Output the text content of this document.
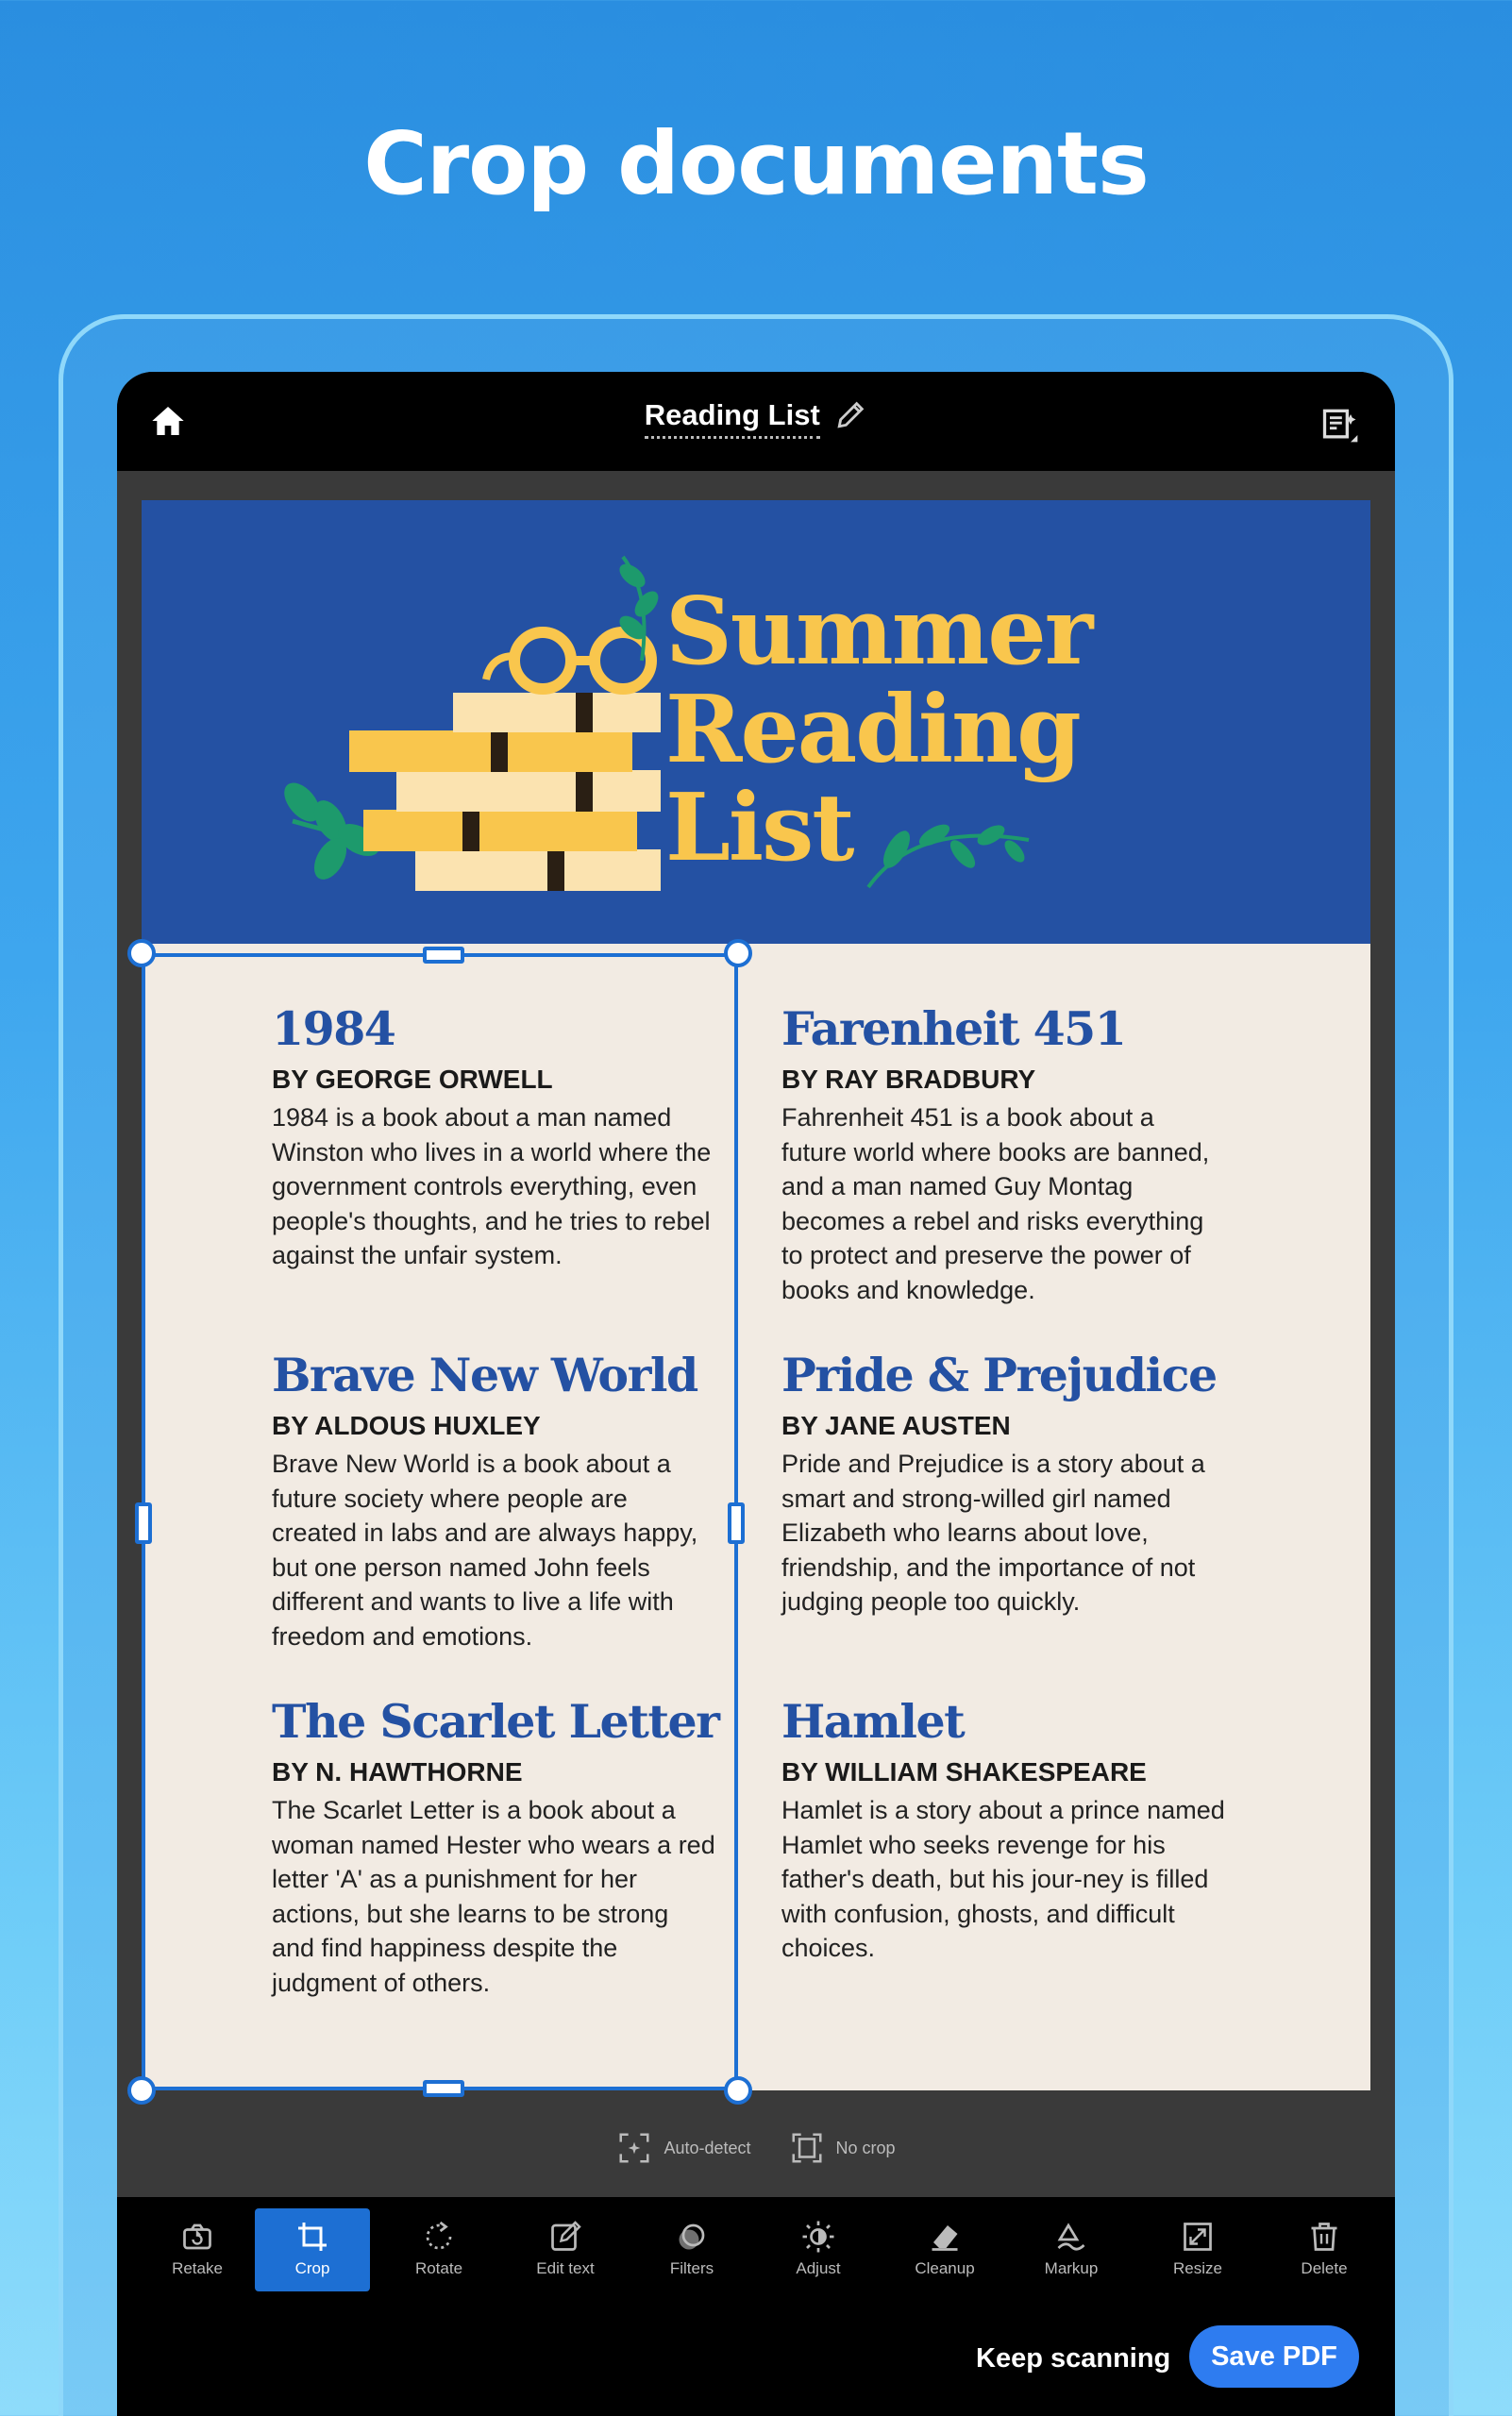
Crop documents
Reading List
Summer
Reading
List
1984
BY GEORGE ORWELL
1984 is a book about a man named Winston who lives in a world where the government controls everything, even people's thoughts, and he tries to rebel against the unfair system.
Farenheit 451
BY RAY BRADBURY
Fahrenheit 451 is a book about a future world where books are banned, and a man named Guy Montag becomes a rebel and risks everything to protect and preserve the power of books and knowledge.
Brave New World
BY ALDOUS HUXLEY
Brave New World is a book about a future society where people are created in labs and are always happy, but one person named John feels different and wants to live a life with freedom and emotions.
Pride & Prejudice
BY JANE AUSTEN
Pride and Prejudice is a story about a smart and strong-willed girl named Elizabeth who learns about love, friendship, and the importance of not judging people too quickly.
The Scarlet Letter
BY N. HAWTHORNE
The Scarlet Letter is a book about a woman named Hester who wears a red letter 'A' as a punishment for her actions, but she learns to be strong and find happiness despite the judgment of others.
Hamlet
BY WILLIAM SHAKESPEARE
Hamlet is a story about a prince named Hamlet who seeks revenge for his father's death, but his jour-ney is filled with confusion, ghosts, and difficult choices.
Auto-detect	No crop
Retake	Crop	Rotate	Edit text	Filters	Adjust	Cleanup	Markup	Resize	Delete
Keep scanning	Save PDF
